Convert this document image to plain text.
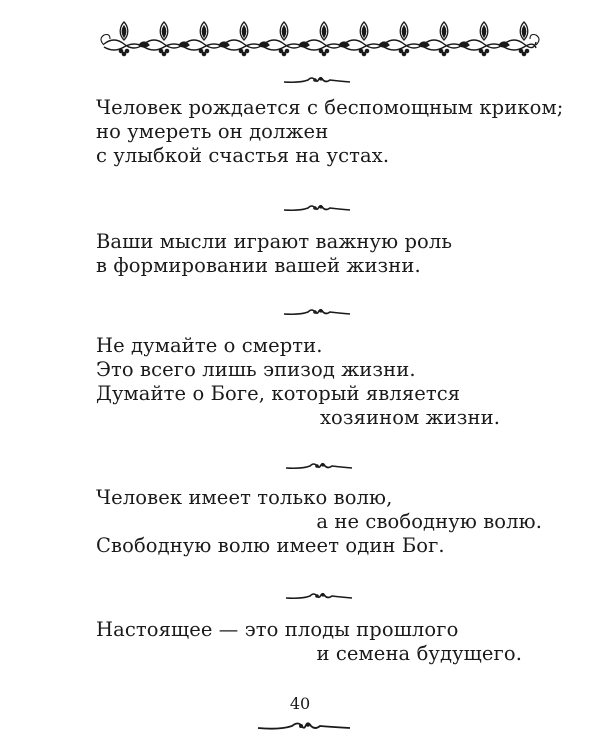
Человек рождается с беспомощным криком;
но умереть он должен
с улыбкой счастья на устах.
Ваши мысли играют важную роль
в формировании вашей жизни.
Не думайте о смерти.
Это всего лишь эпизод жизни.
Думайте о Боге, который является
хозяином жизни.
Человек имеет только волю,
а не свободную волю.
Свободную волю имеет один Бог.
Настоящее — это плоды прошлого
и семена будущего.
40
